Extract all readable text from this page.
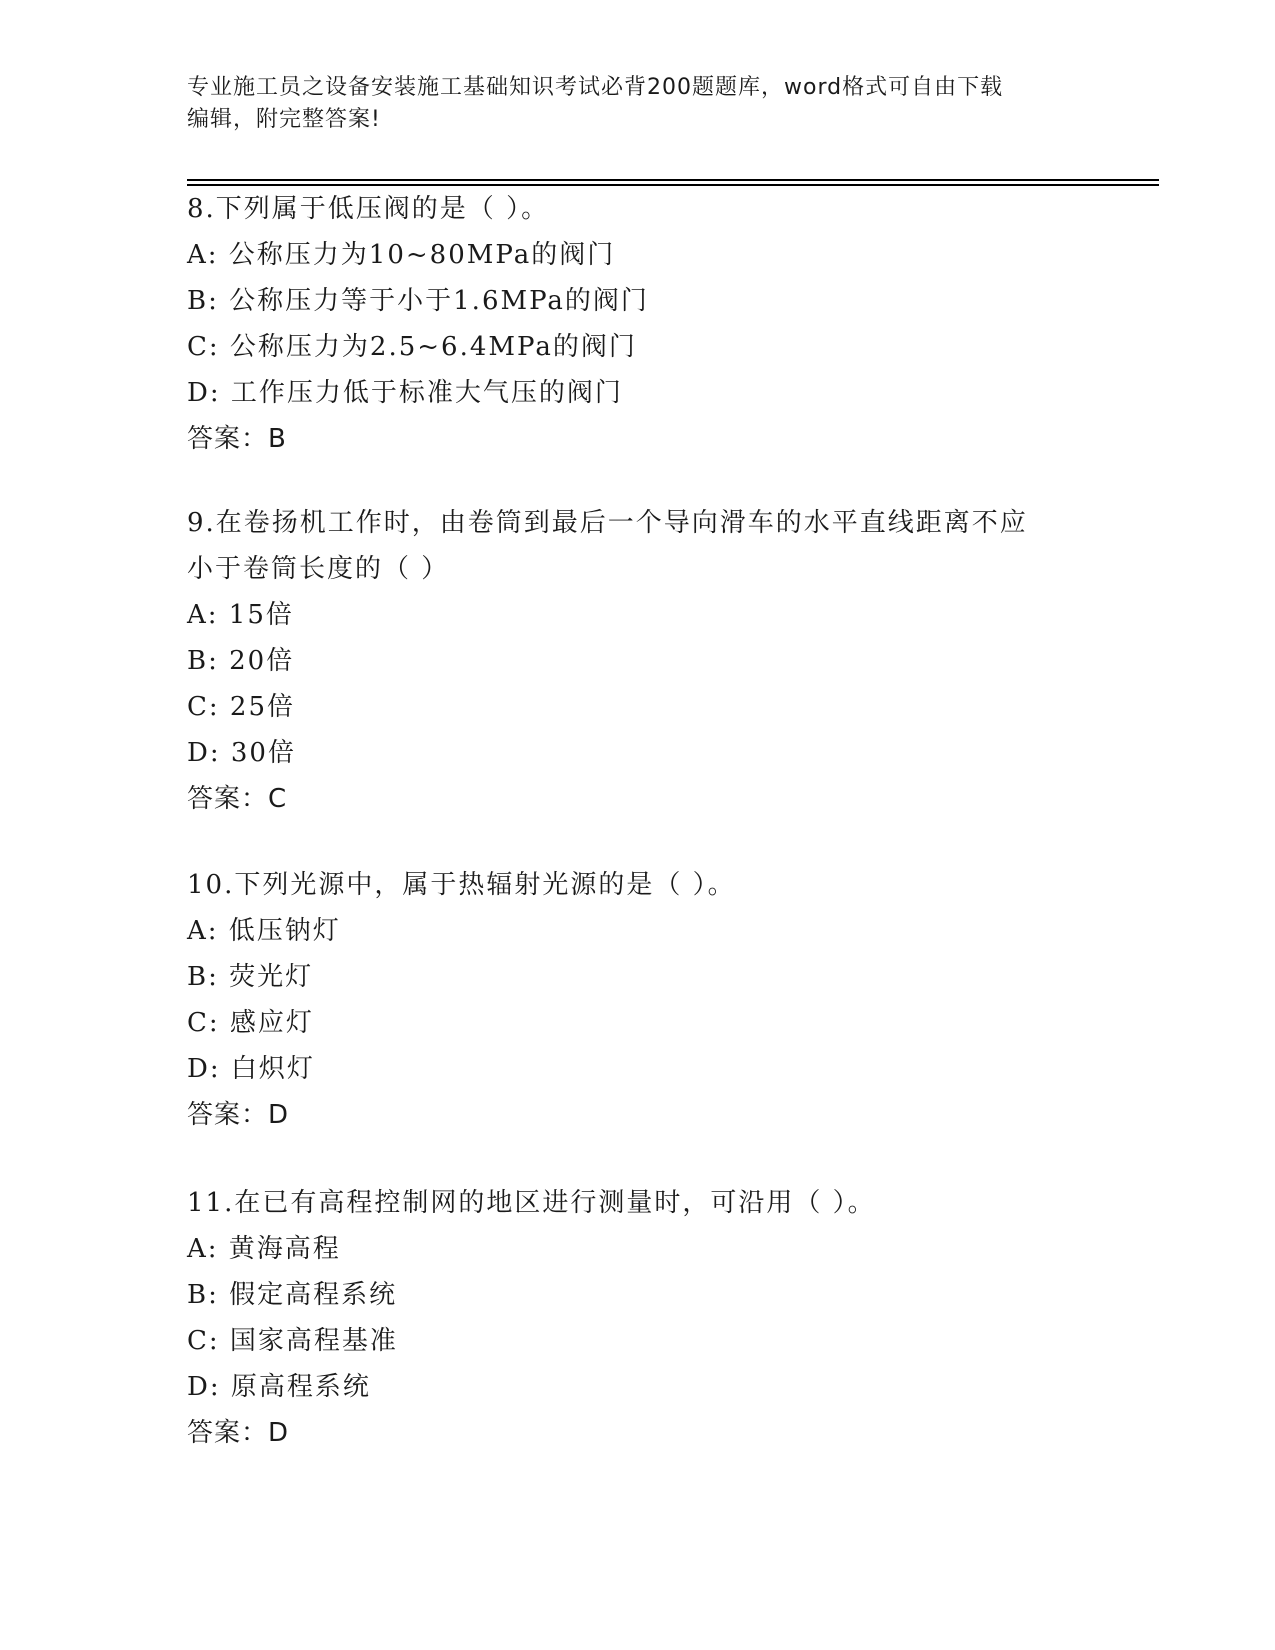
专业施工员之设备安装施工基础知识考试必背200题题库，word格式可自由下载
编辑，附完整答案!
8.下列属于低压阀的是（ ）。
A: 公称压力为10~80MPa的阀门
B: 公称压力等于小于1.6MPa的阀门
C: 公称压力为2.5~6.4MPa的阀门
D: 工作压力低于标准大气压的阀门
答案：B
9.在卷扬机工作时，由卷筒到最后一个导向滑车的水平直线距离不应
小于卷筒长度的（ ）
A: 15倍
B: 20倍
C: 25倍
D: 30倍
答案：C
10.下列光源中，属于热辐射光源的是（ ）。
A: 低压钠灯
B: 荧光灯
C: 感应灯
D: 白炽灯
答案：D
11.在已有高程控制网的地区进行测量时，可沿用（ ）。
A: 黄海高程
B: 假定高程系统
C: 国家高程基准
D: 原高程系统
答案：D
